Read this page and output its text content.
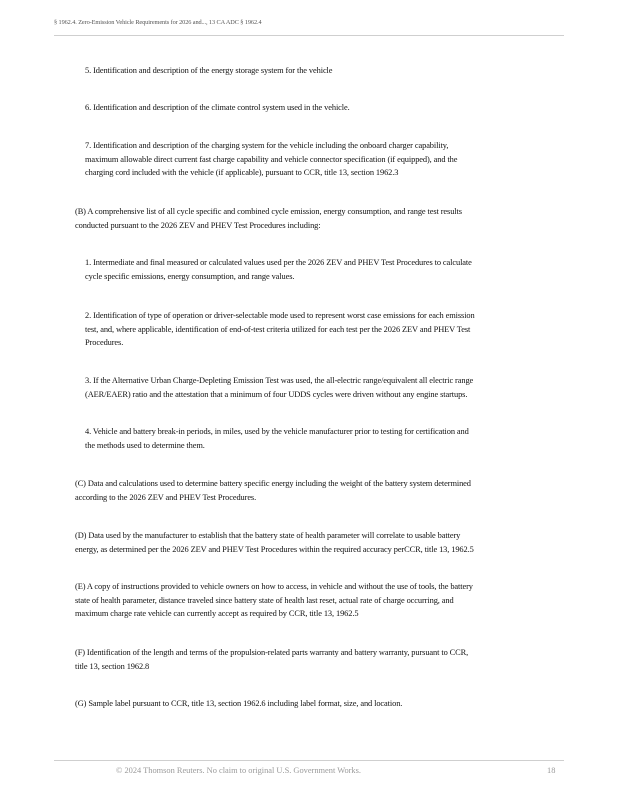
§ 1962.4. Zero-Emission Vehicle Requirements for 2026 and..., 13 CA ADC § 1962.4

5. Identification and description of the energy storage system for the vehicle

6. Identification and description of the climate control system used in the vehicle.

7. Identification and description of the charging system for the vehicle including the onboard charger capability,
maximum allowable direct current fast charge capability and vehicle connector specification (if equipped), and the
charging cord included with the vehicle (if applicable), pursuant to CCR, title 13, section 1962.3

(B) A comprehensive list of all cycle specific and combined cycle emission, energy consumption, and range test results
conducted pursuant to the 2026 ZEV and PHEV Test Procedures including:

1. Intermediate and final measured or calculated values used per the 2026 ZEV and PHEV Test Procedures to calculate
cycle specific emissions, energy consumption, and range values.

2. Identification of type of operation or driver-selectable mode used to represent worst case emissions for each emission
test, and, where applicable, identification of end-of-test criteria utilized for each test per the 2026 ZEV and PHEV Test
Procedures.

3. If the Alternative Urban Charge-Depleting Emission Test was used, the all-electric range/equivalent all electric range
(AER/EAER) ratio and the attestation that a minimum of four UDDS cycles were driven without any engine startups.

4. Vehicle and battery break-in periods, in miles, used by the vehicle manufacturer prior to testing for certification and
the methods used to determine them.

(C) Data and calculations used to determine battery specific energy including the weight of the battery system determined
according to the 2026 ZEV and PHEV Test Procedures.

(D) Data used by the manufacturer to establish that the battery state of health parameter will correlate to usable battery
energy, as determined per the 2026 ZEV and PHEV Test Procedures within the required accuracy perCCR, title 13, 1962.5

(E) A copy of instructions provided to vehicle owners on how to access, in vehicle and without the use of tools, the battery
state of health parameter, distance traveled since battery state of health last reset, actual rate of charge occurring, and
maximum charge rate vehicle can currently accept as required by CCR, title 13, 1962.5

(F) Identification of the length and terms of the propulsion-related parts warranty and battery warranty, pursuant to CCR,
title 13, section 1962.8

(G) Sample label pursuant to CCR, title 13, section 1962.6 including label format, size, and location.

© 2024 Thomson Reuters. No claim to original U.S. Government Works.	18
